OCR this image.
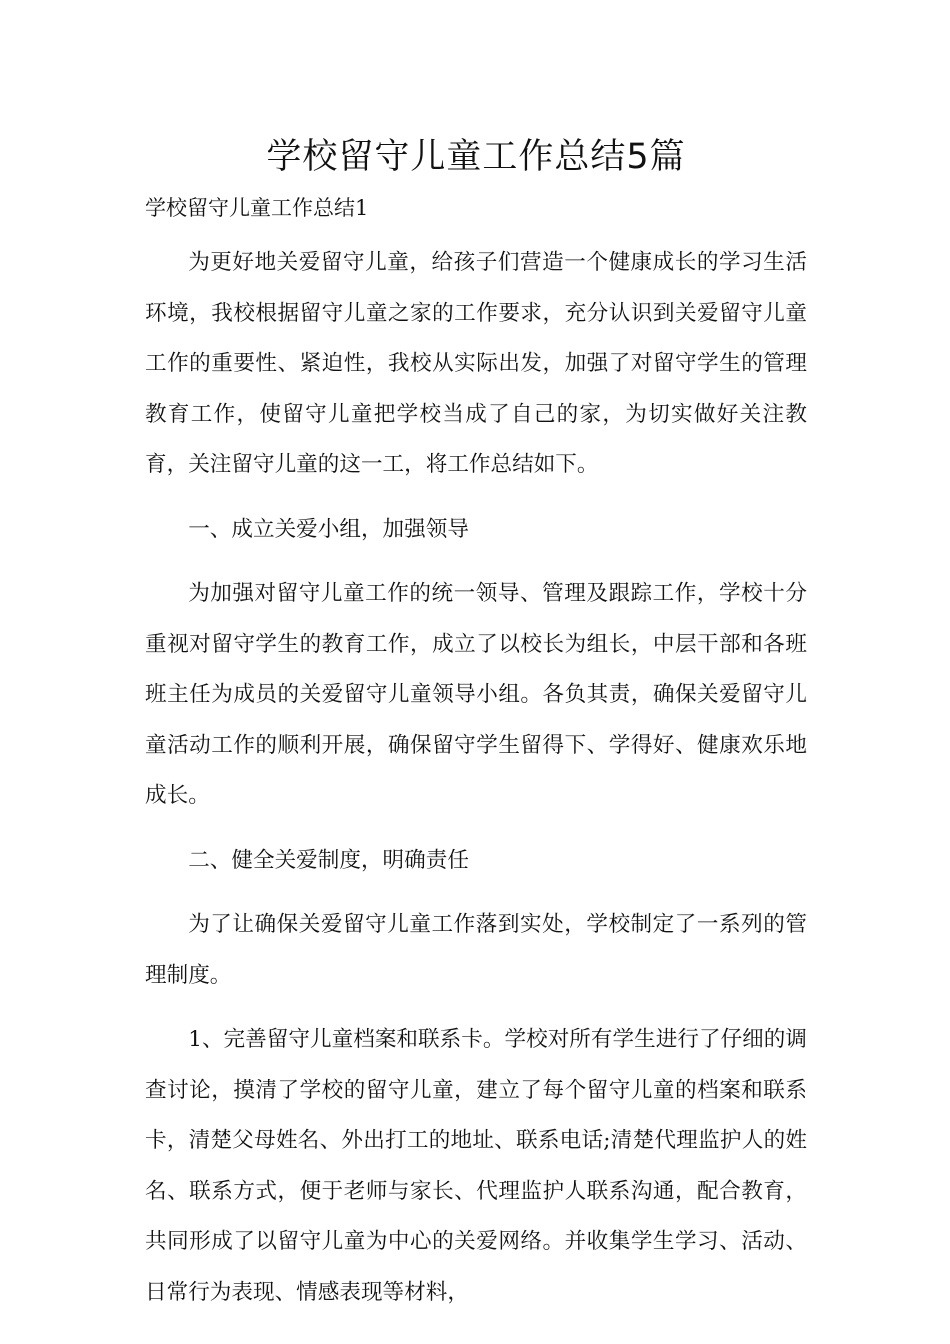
学校留守儿童工作总结5篇
学校留守儿童工作总结1

为更好地关爱留守儿童，给孩子们营造一个健康成长的学习生活环境，我校根据留守儿童之家的工作要求，充分认识到关爱留守儿童工作的重要性、紧迫性，我校从实际出发，加强了对留守学生的管理教育工作，使留守儿童把学校当成了自己的家，为切实做好关注教育，关注留守儿童的这一工，将工作总结如下。

一、成立关爱小组，加强领导

为加强对留守儿童工作的统一领导、管理及跟踪工作，学校十分重视对留守学生的教育工作，成立了以校长为组长，中层干部和各班班主任为成员的关爱留守儿童领导小组。各负其责，确保关爱留守儿童活动工作的顺利开展，确保留守学生留得下、学得好、健康欢乐地成长。

二、健全关爱制度，明确责任

为了让确保关爱留守儿童工作落到实处，学校制定了一系列的管理制度。

1、完善留守儿童档案和联系卡。学校对所有学生进行了仔细的调查讨论，摸清了学校的留守儿童，建立了每个留守儿童的档案和联系卡，清楚父母姓名、外出打工的地址、联系电话;清楚代理监护人的姓名、联系方式，便于老师与家长、代理监护人联系沟通，配合教育，共同形成了以留守儿童为中心的关爱网络。并收集学生学习、活动、日常行为表现、情感表现等材料，
